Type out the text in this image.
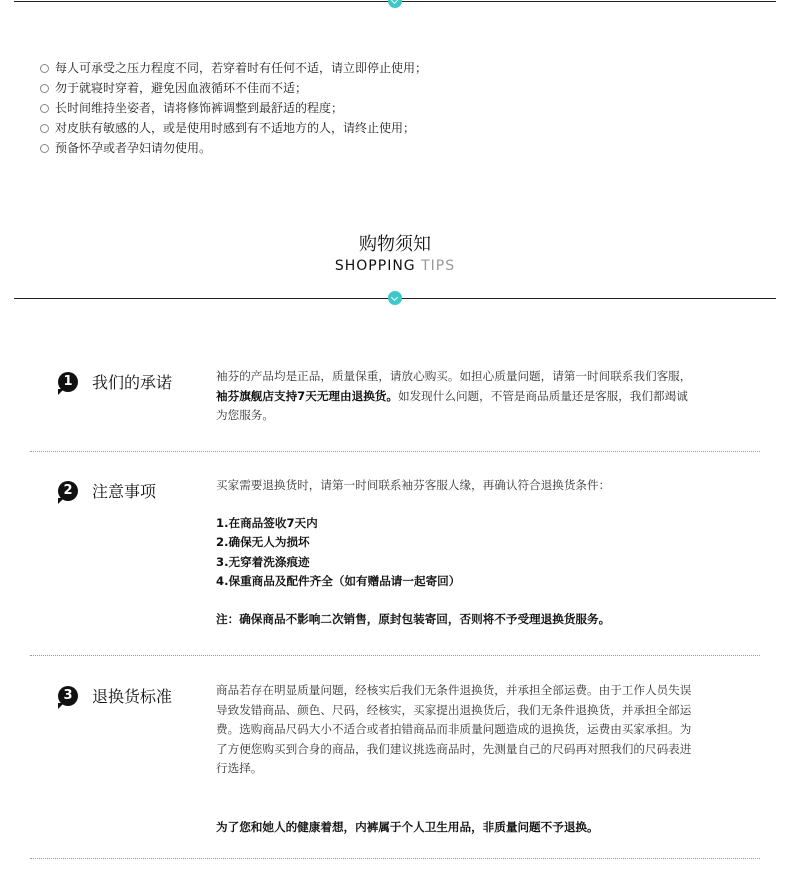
每人可承受之压力程度不同，若穿着时有任何不适，请立即停止使用；
勿于就寝时穿着，避免因血液循环不佳而不适；
长时间维持坐姿者，请将修饰裤调整到最舒适的程度；
对皮肤有敏感的人，或是使用时感到有不适地方的人，请终止使用；
预备怀孕或者孕妇请勿使用。
购物须知
SHOPPING TIPS
1	我们的承诺	袖芬的产品均是正品，质量保重，请放心购买。如担心质量问题，请第一时间联系我们客服，
袖芬旗舰店支持7天无理由退换货。如发现什么问题，不管是商品质量还是客服，我们都竭诚
为您服务。
2	注意事项	买家需要退换货时，请第一时间联系袖芬客服人缘，再确认符合退换货条件：
1.在商品签收7天内
2.确保无人为损坏
3.无穿着洗涤痕迹
4.保重商品及配件齐全（如有赠品请一起寄回）
注：确保商品不影响二次销售，原封包装寄回，否则将不予受理退换货服务。
3	退换货标准	商品若存在明显质量问题，经核实后我们无条件退换货，并承担全部运费。由于工作人员失误
导致发错商品、颜色、尺码，经核实，买家提出退换货后，我们无条件退换货，并承担全部运
费。选购商品尺码大小不适合或者拍错商品而非质量问题造成的退换货，运费由买家承担。为
了方便您购买到合身的商品，我们建议挑选商品时，先测量自己的尺码再对照我们的尺码表进
行选择。
为了您和她人的健康着想，内裤属于个人卫生用品，非质量问题不予退换。
